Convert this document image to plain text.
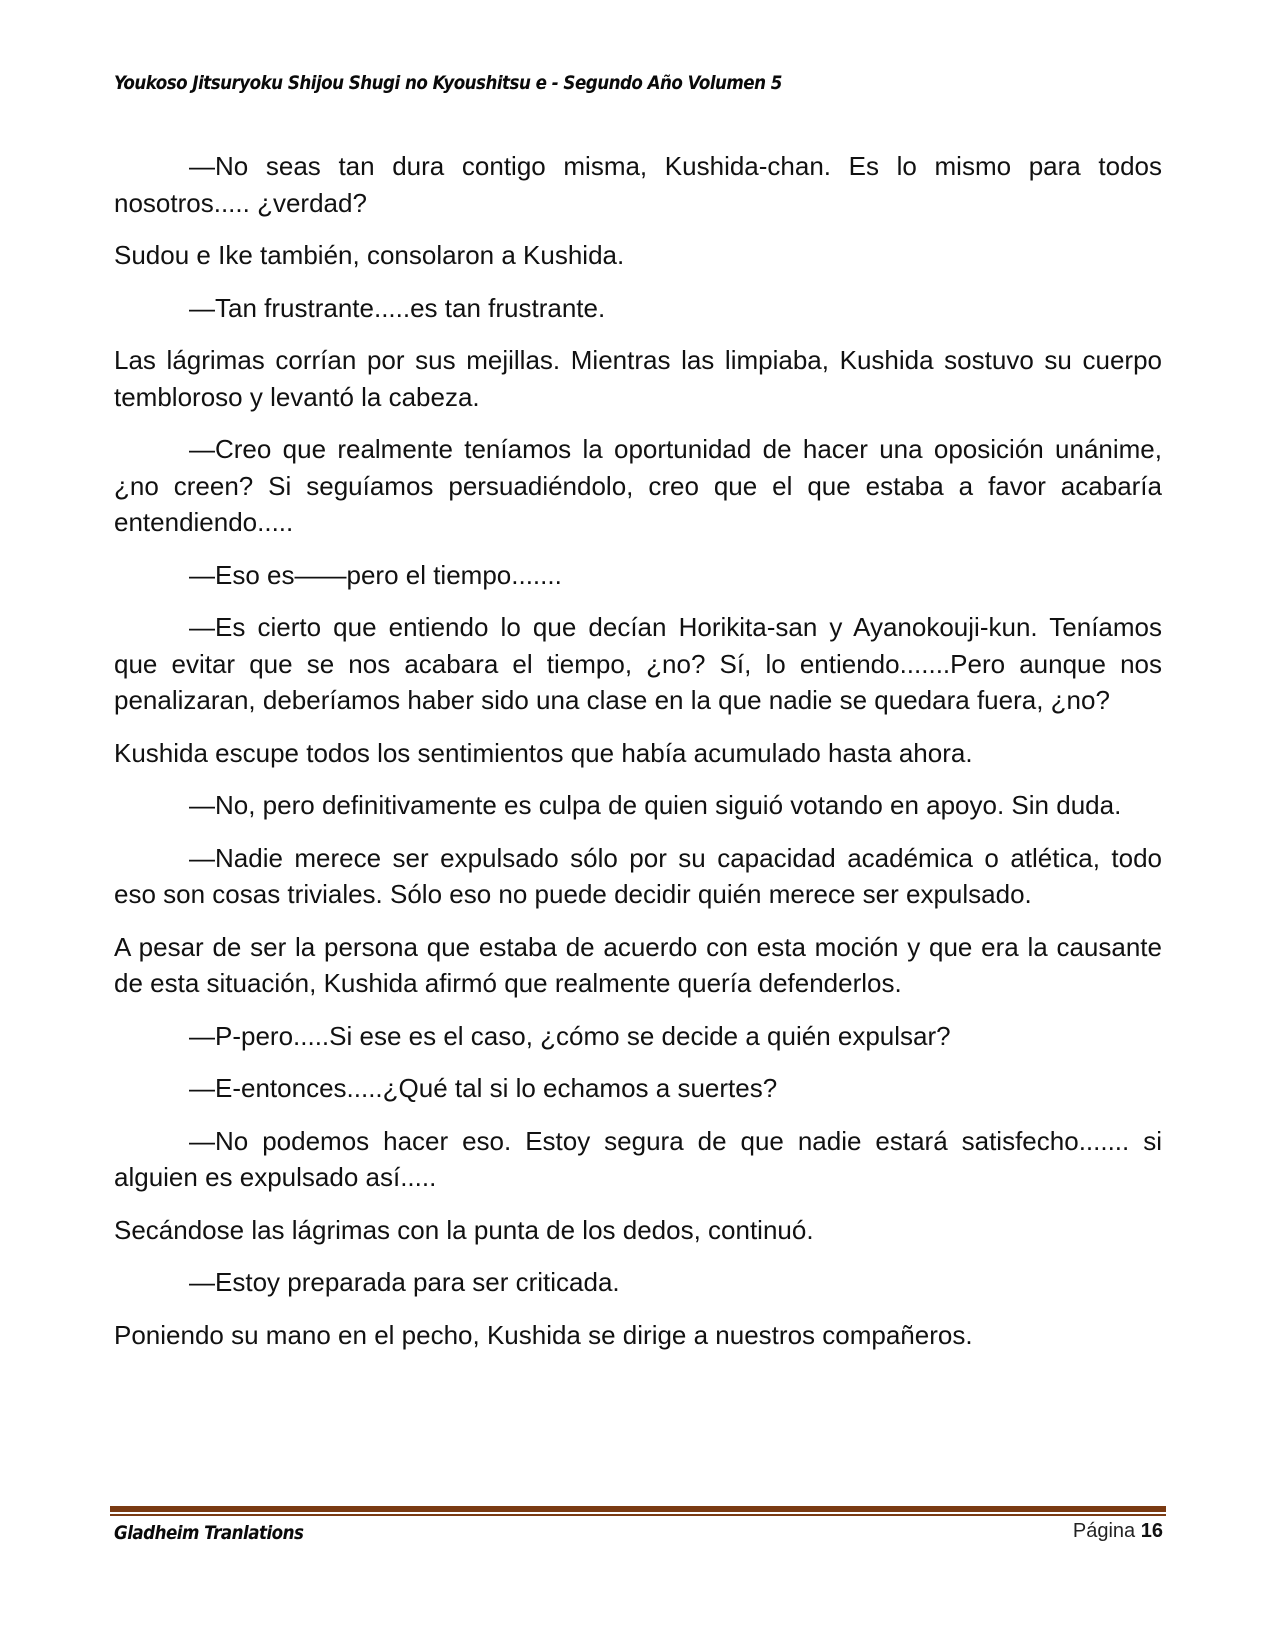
Youkoso Jitsuryoku Shijou Shugi no Kyoushitsu e - Segundo Año Volumen 5

—No seas tan dura contigo misma, Kushida-chan. Es lo mismo para todos nosotros..... ¿verdad?

Sudou e Ike también, consolaron a Kushida.

—Tan frustrante.....es tan frustrante.

Las lágrimas corrían por sus mejillas. Mientras las limpiaba, Kushida sostuvo su cuerpo tembloroso y levantó la cabeza.

—Creo que realmente teníamos la oportunidad de hacer una oposición unánime, ¿no creen? Si seguíamos persuadiéndolo, creo que el que estaba a favor acabaría entendiendo.....

—Eso es——pero el tiempo.......

—Es cierto que entiendo lo que decían Horikita-san y Ayanokouji-kun. Teníamos que evitar que se nos acabara el tiempo, ¿no? Sí, lo entiendo.......Pero aunque nos penalizaran, deberíamos haber sido una clase en la que nadie se quedara fuera, ¿no?

Kushida escupe todos los sentimientos que había acumulado hasta ahora.

—No, pero definitivamente es culpa de quien siguió votando en apoyo. Sin duda.

—Nadie merece ser expulsado sólo por su capacidad académica o atlética, todo eso son cosas triviales. Sólo eso no puede decidir quién merece ser expulsado.

A pesar de ser la persona que estaba de acuerdo con esta moción y que era la causante de esta situación, Kushida afirmó que realmente quería defenderlos.

—P-pero.....Si ese es el caso, ¿cómo se decide a quién expulsar?

—E-entonces.....¿Qué tal si lo echamos a suertes?

—No podemos hacer eso. Estoy segura de que nadie estará satisfecho....... si alguien es expulsado así.....

Secándose las lágrimas con la punta de los dedos, continuó.

—Estoy preparada para ser criticada.

Poniendo su mano en el pecho, Kushida se dirige a nuestros compañeros.

Gladheim Tranlations	Página 16
